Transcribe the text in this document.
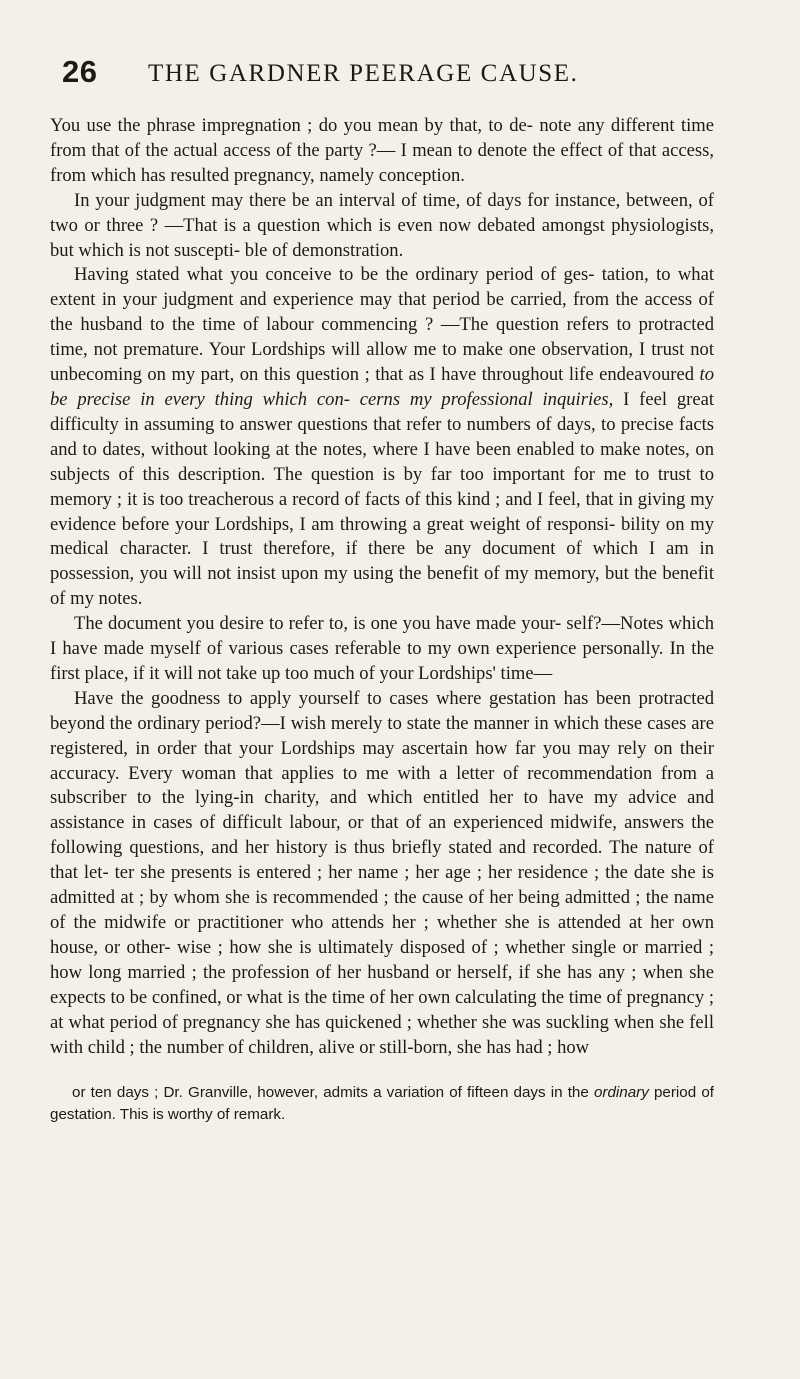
26 THE GARDNER PEERAGE CAUSE.

You use the phrase impregnation ; do you mean by that, to de- note any different time from that of the actual access of the party ?— I mean to denote the effect of that access, from which has resulted pregnancy, namely conception.

In your judgment may there be an interval of time, of days for instance, between, of two or three ? —That is a question which is even now debated amongst physiologists, but which is not suscepti- ble of demonstration.

Having stated what you conceive to be the ordinary period of ges- tation, to what extent in your judgment and experience may that period be carried, from the access of the husband to the time of labour commencing ? —The question refers to protracted time, not premature. Your Lordships will allow me to make one observation, I trust not unbecoming on my part, on this question ; that as I have throughout life endeavoured to be precise in every thing which con- cerns my professional inquiries, I feel great difficulty in assuming to answer questions that refer to numbers of days, to precise facts and to dates, without looking at the notes, where I have been enabled to make notes, on subjects of this description. The question is by far too important for me to trust to memory ; it is too treacherous a record of facts of this kind ; and I feel, that in giving my evidence before your Lordships, I am throwing a great weight of responsi- bility on my medical character. I trust therefore, if there be any document of which I am in possession, you will not insist upon my using the benefit of my memory, but the benefit of my notes.

The document you desire to refer to, is one you have made your- self?—Notes which I have made myself of various cases referable to my own experience personally. In the first place, if it will not take up too much of your Lordships' time—

Have the goodness to apply yourself to cases where gestation has been protracted beyond the ordinary period?—I wish merely to state the manner in which these cases are registered, in order that your Lordships may ascertain how far you may rely on their accuracy. Every woman that applies to me with a letter of recommendation from a subscriber to the lying-in charity, and which entitled her to have my advice and assistance in cases of difficult labour, or that of an experienced midwife, answers the following questions, and her history is thus briefly stated and recorded. The nature of that let- ter she presents is entered ; her name ; her age ; her residence ; the date she is admitted at ; by whom she is recommended ; the cause of her being admitted ; the name of the midwife or practitioner who attends her ; whether she is attended at her own house, or other- wise ; how she is ultimately disposed of ; whether single or married ; how long married ; the profession of her husband or herself, if she has any ; when she expects to be confined, or what is the time of her own calculating the time of pregnancy ; at what period of pregnancy she has quickened ; whether she was suckling when she fell with child ; the number of children, alive or still-born, she has had ; how

or ten days ; Dr. Granville, however, admits a variation of fifteen days in the ordinary period of gestation. This is worthy of remark.
